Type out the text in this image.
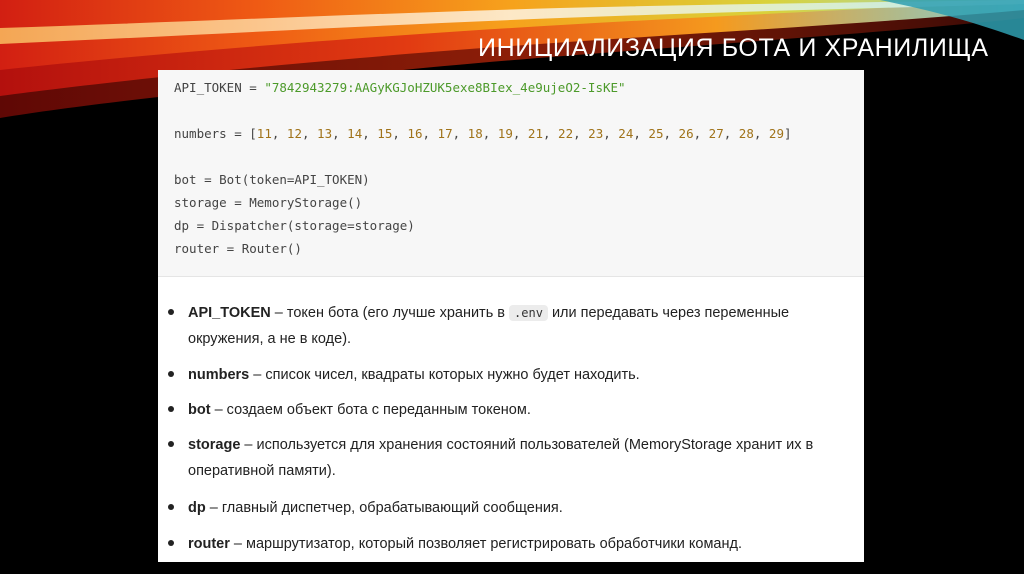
ИНИЦИАЛИЗАЦИЯ БОТА И ХРАНИЛИЩА
API_TOKEN = "7842943279:AAGyKGJoHZUK5exe8BIex_4e9ujeO2-IsKE"
numbers = [11, 12, 13, 14, 15, 16, 17, 18, 19, 21, 22, 23, 24, 25, 26, 27, 28, 29]
bot = Bot(token=API_TOKEN)
storage = MemoryStorage()
dp = Dispatcher(storage=storage)
router = Router()
API_TOKEN – токен бота (его лучше хранить в .env или передавать через переменные
окружения, а не в коде).
numbers – список чисел, квадраты которых нужно будет находить.
bot – создаем объект бота с переданным токеном.
storage – используется для хранения состояний пользователей (MemoryStorage хранит их в
оперативной памяти).
dp – главный диспетчер, обрабатывающий сообщения.
router – маршрутизатор, который позволяет регистрировать обработчики команд.
